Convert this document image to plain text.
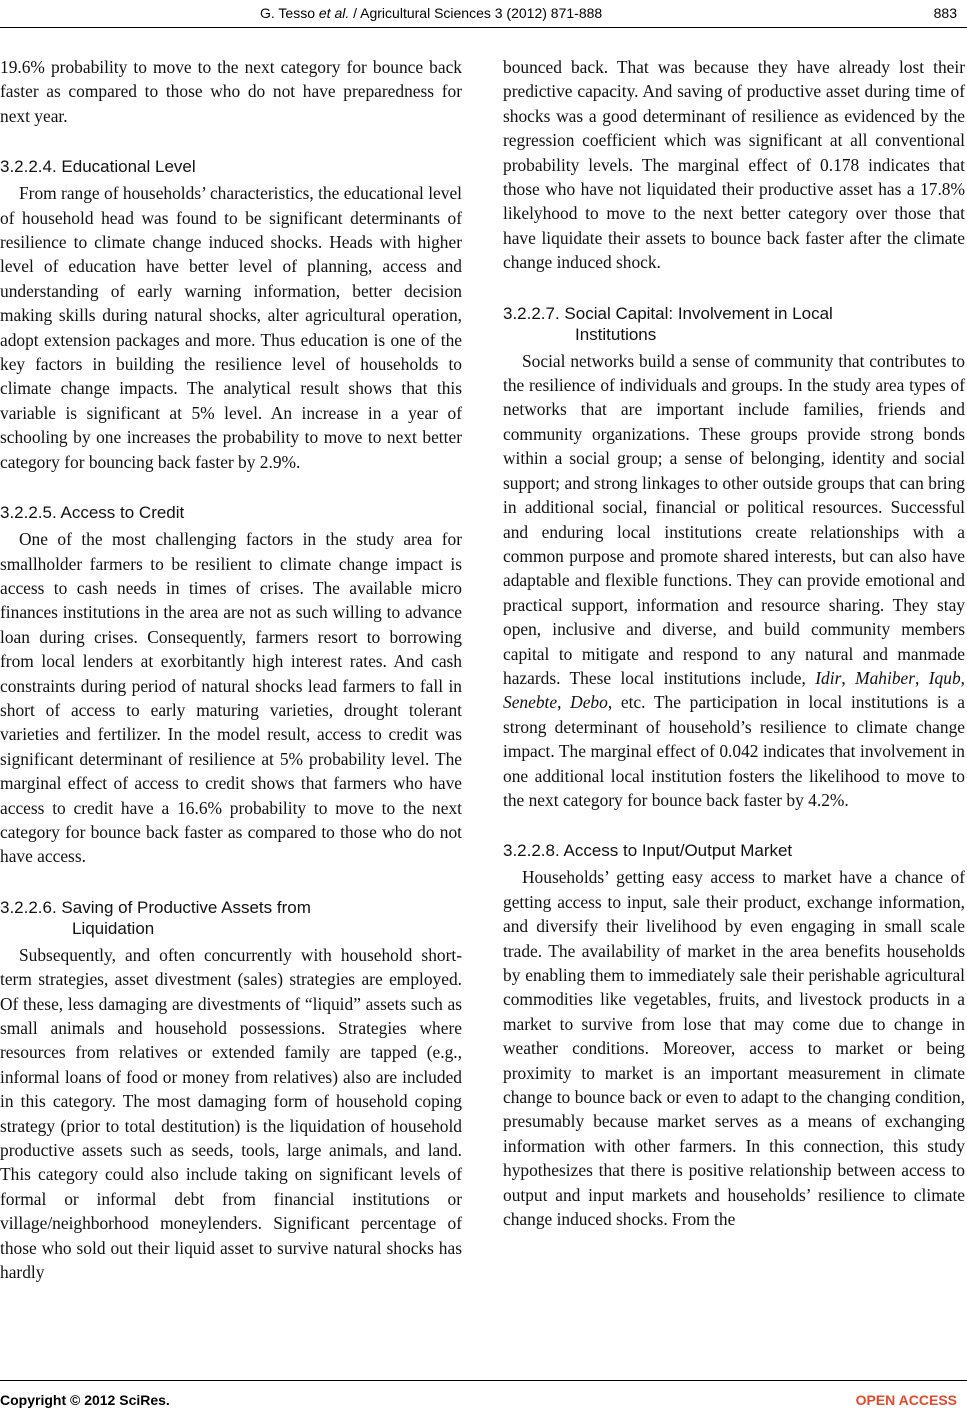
G. Tesso et al. / Agricultural Sciences 3 (2012) 871-888	883

19.6% probability to move to the next category for bounce back faster as compared to those who do not have preparedness for next year.

3.2.2.4. Educational Level

From range of households’ characteristics, the educational level of household head was found to be significant determinants of resilience to climate change induced shocks. Heads with higher level of education have better level of planning, access and understanding of early warning information, better decision making skills during natural shocks, alter agricultural operation, adopt extension packages and more. Thus education is one of the key factors in building the resilience level of households to climate change impacts. The analytical result shows that this variable is significant at 5% level. An increase in a year of schooling by one increases the probability to move to next better category for bouncing back faster by 2.9%.

3.2.2.5. Access to Credit

One of the most challenging factors in the study area for smallholder farmers to be resilient to climate change impact is access to cash needs in times of crises. The available micro finances institutions in the area are not as such willing to advance loan during crises. Consequently, farmers resort to borrowing from local lenders at exorbitantly high interest rates. And cash constraints during period of natural shocks lead farmers to fall in short of access to early maturing varieties, drought tolerant varieties and fertilizer. In the model result, access to credit was significant determinant of resilience at 5% probability level. The marginal effect of access to credit shows that farmers who have access to credit have a 16.6% probability to move to the next category for bounce back faster as compared to those who do not have access.

3.2.2.6. Saving of Productive Assets from
Liquidation

Subsequently, and often concurrently with household short-term strategies, asset divestment (sales) strategies are employed. Of these, less damaging are divestments of “liquid” assets such as small animals and household possessions. Strategies where resources from relatives or extended family are tapped (e.g., informal loans of food or money from relatives) also are included in this category. The most damaging form of household coping strategy (prior to total destitution) is the liquidation of household productive assets such as seeds, tools, large animals, and land. This category could also include taking on significant levels of formal or informal debt from financial institutions or village/neighborhood moneylenders. Significant percentage of those who sold out their liquid asset to survive natural shocks has hardly

bounced back. That was because they have already lost their predictive capacity. And saving of productive asset during time of shocks was a good determinant of resilience as evidenced by the regression coefficient which was significant at all conventional probability levels. The marginal effect of 0.178 indicates that those who have not liquidated their productive asset has a 17.8% likelyhood to move to the next better category over those that have liquidate their assets to bounce back faster after the climate change induced shock.

3.2.2.7. Social Capital: Involvement in Local
Institutions

Social networks build a sense of community that contributes to the resilience of individuals and groups. In the study area types of networks that are important include families, friends and community organizations. These groups provide strong bonds within a social group; a sense of belonging, identity and social support; and strong linkages to other outside groups that can bring in additional social, financial or political resources. Successful and enduring local institutions create relationships with a common purpose and promote shared interests, but can also have adaptable and flexible functions. They can provide emotional and practical support, information and resource sharing. They stay open, inclusive and diverse, and build community members capital to mitigate and respond to any natural and manmade hazards. These local institutions include, Idir, Mahiber, Iqub, Senebte, Debo, etc. The participation in local institutions is a strong determinant of household’s resilience to climate change impact. The marginal effect of 0.042 indicates that involvement in one additional local institution fosters the likelihood to move to the next category for bounce back faster by 4.2%.

3.2.2.8. Access to Input/Output Market

Households’ getting easy access to market have a chance of getting access to input, sale their product, exchange information, and diversify their livelihood by even engaging in small scale trade. The availability of market in the area benefits households by enabling them to immediately sale their perishable agricultural commodities like vegetables, fruits, and livestock products in a market to survive from lose that may come due to change in weather conditions. Moreover, access to market or being proximity to market is an important measurement in climate change to bounce back or even to adapt to the changing condition, presumably because market serves as a means of exchanging information with other farmers. In this connection, this study hypothesizes that there is positive relationship between access to output and input markets and households’ resilience to climate change induced shocks. From the

Copyright © 2012 SciRes.	OPEN ACCESS
